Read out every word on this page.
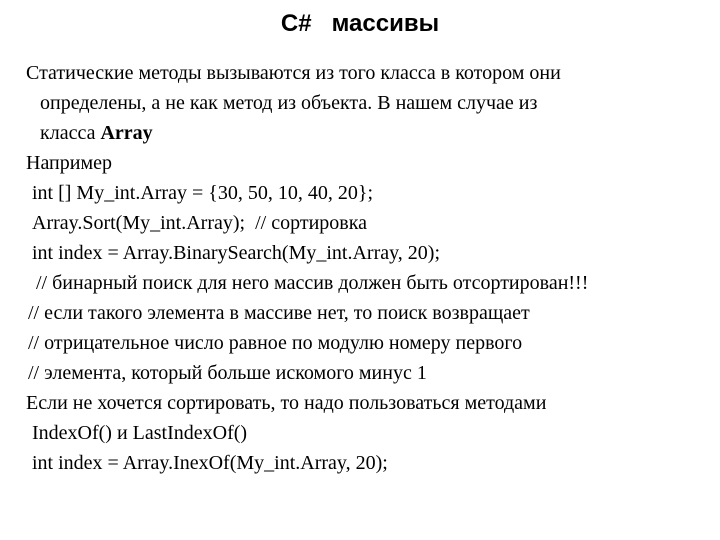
C#   массивы
Статические методы вызываются из того класса в котором они
определены, а не как метод из объекта. В нашем случае из
класса Array
Например
int [] My_int.Array = {30, 50, 10, 40, 20};
Array.Sort(My_int.Array);  // сортировка
int index = Array.BinarySearch(My_int.Array, 20);
// бинарный поиск для него массив должен быть отсортирован!!!
// если такого элемента в массиве нет, то поиск возвращает
// отрицательное число равное по модулю номеру первого
// элемента, который больше искомого минус 1
Если не хочется сортировать, то надо пользоваться методами
IndexOf() и LastIndexOf()
int index = Array.InexOf(My_int.Array, 20);
